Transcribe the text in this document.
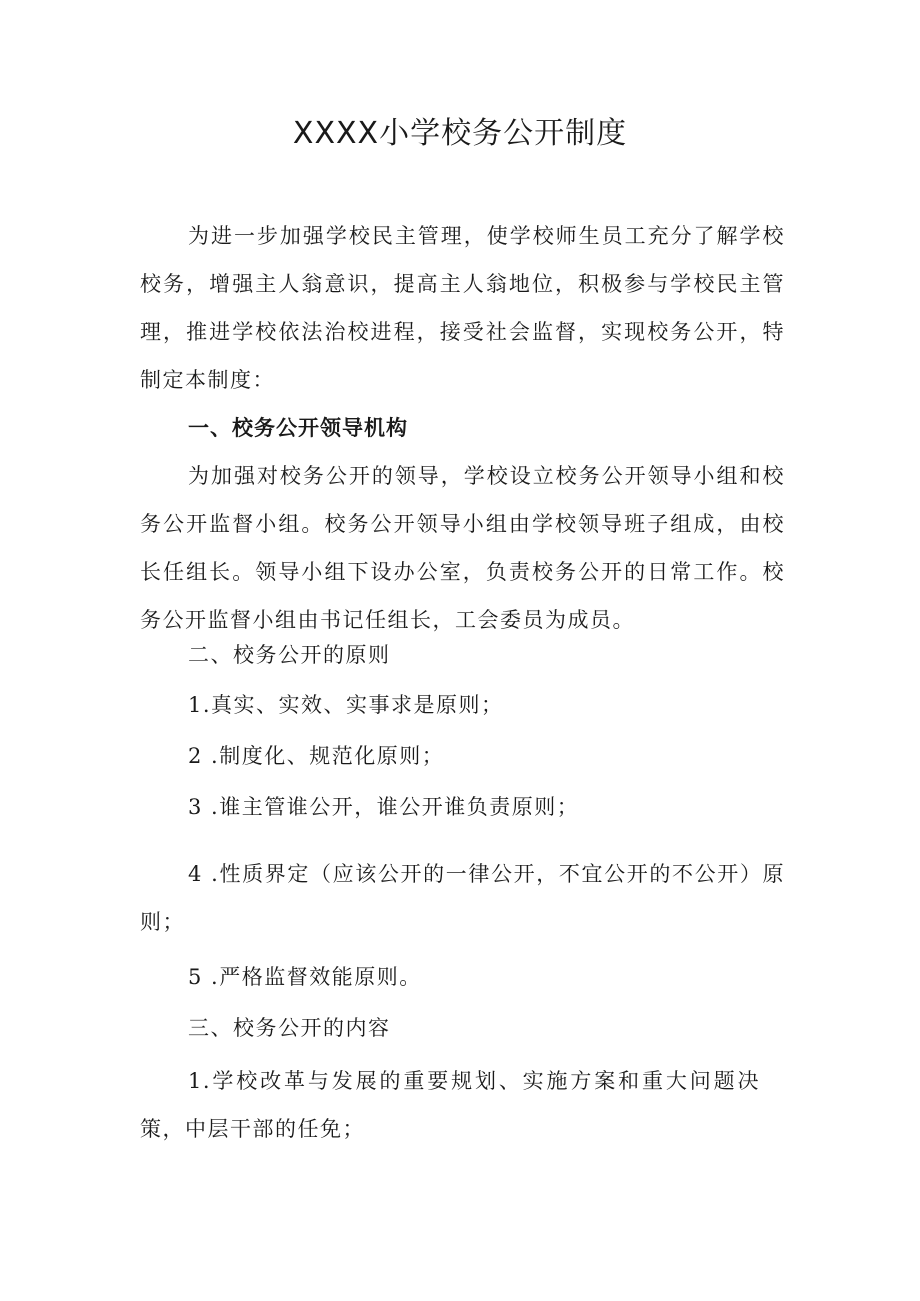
XXXX小学校务公开制度

为进一步加强学校民主管理，使学校师生员工充分了解学校校务，增强主人翁意识，提高主人翁地位，积极参与学校民主管理，推进学校依法治校进程，接受社会监督，实现校务公开，特制定本制度：

一、校务公开领导机构

为加强对校务公开的领导，学校设立校务公开领导小组和校务公开监督小组。校务公开领导小组由学校领导班子组成，由校长任组长。领导小组下设办公室，负责校务公开的日常工作。校务公开监督小组由书记任组长，工会委员为成员。

二、校务公开的原则
1.真实、实效、实事求是原则；
2 .制度化、规范化原则；
3 .谁主管谁公开，谁公开谁负责原则；

4 .性质界定（应该公开的一律公开，不宜公开的不公开）原则；

5 .严格监督效能原则。
三、校务公开的内容

1.学校改革与发展的重要规划、实施方案和重大问题决策，中层干部的任免；
